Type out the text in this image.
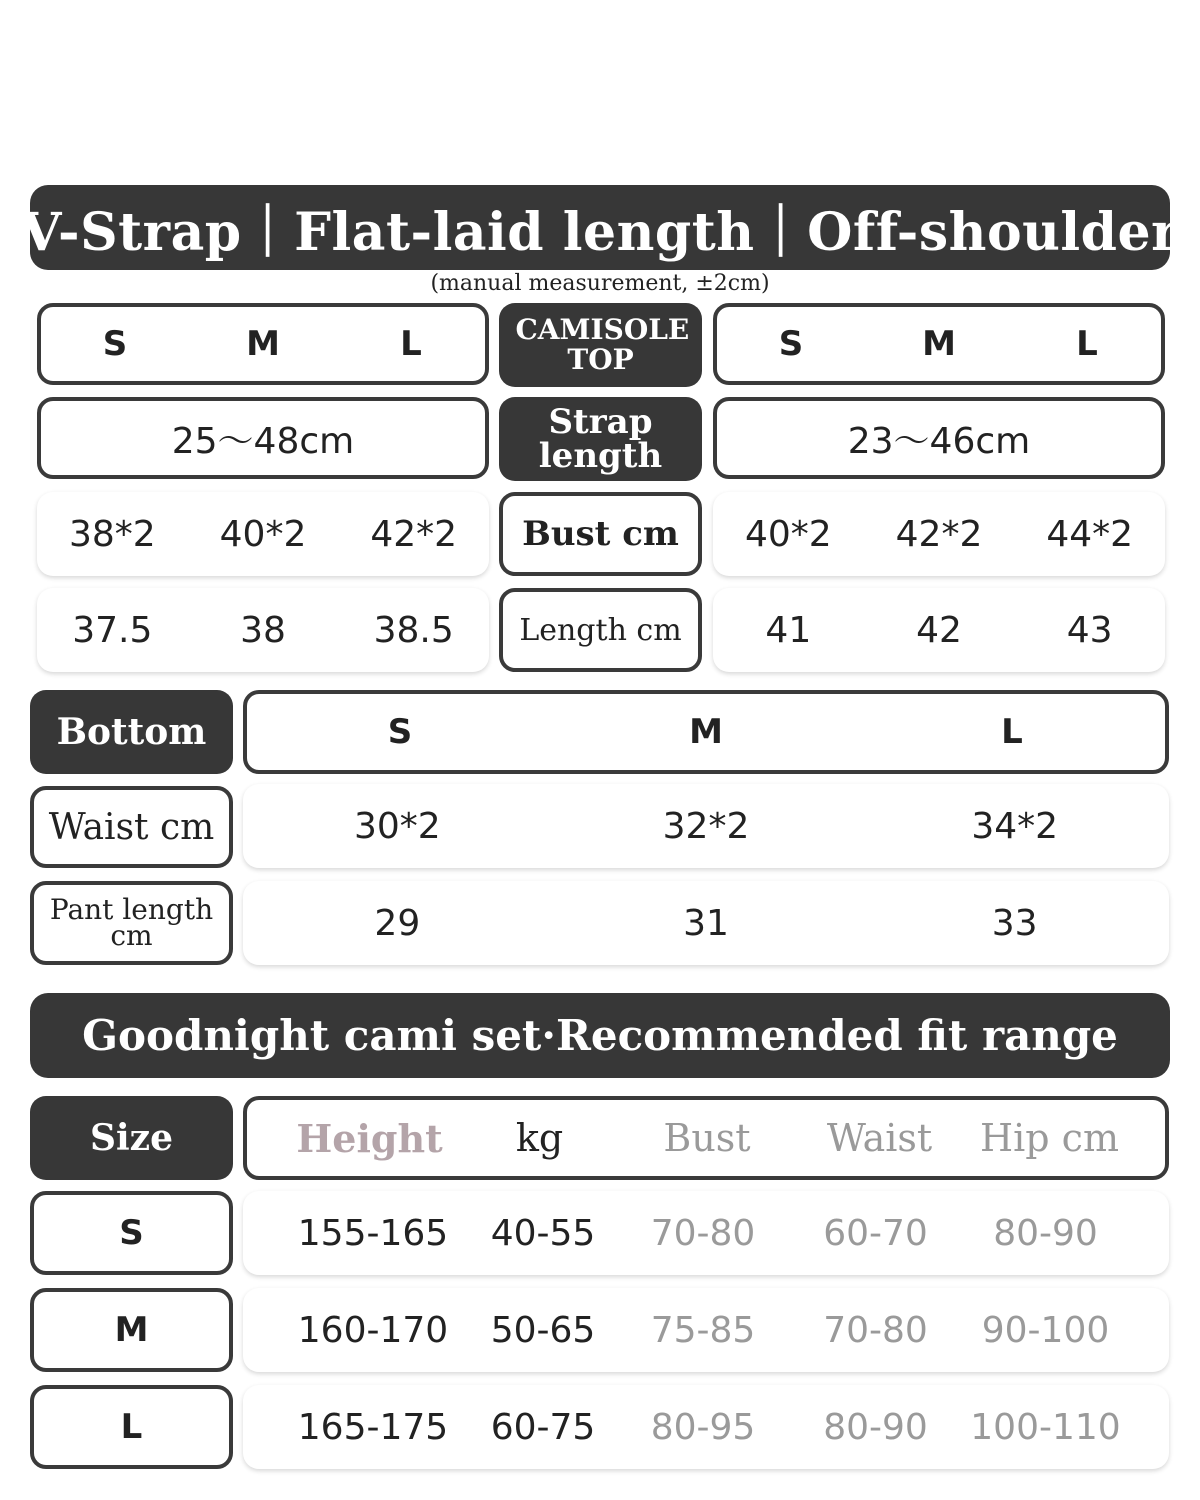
V-Strap｜Flat-laid length｜Off-shoulder
(manual measurement, ±2cm)
S	M	L	CAMISOLE TOP	S	M	L
25～48cm	Strap length	23～46cm
38*2	40*2	42*2	Bust cm	40*2	42*2	44*2
37.5	38	38.5	Length cm	41	42	43
Bottom	S	M	L
Waist cm	30*2	32*2	34*2
Pant length cm	29	31	33
Goodnight cami set·Recommended fit range
Size	Height	kg	Bust	Waist	Hip cm
S	155-165	40-55	70-80	60-70	80-90
M	160-170	50-65	75-85	70-80	90-100
L	165-175	60-75	80-95	80-90	100-110
